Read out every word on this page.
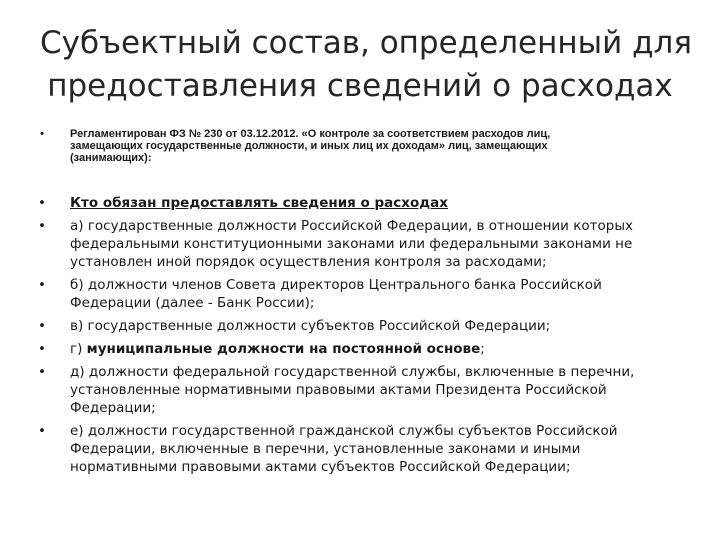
Субъектный состав, определенный для
предоставления сведений о расходах
•	Регламентирован ФЗ № 230 от 03.12.2012. «О контроле за соответствием расходов лиц,
замещающих государственные должности, и иных лиц их доходам» лиц, замещающих
(занимающих):
• Кто обязан предоставлять сведения о расходах
• а) государственные должности Российской Федерации, в отношении которых
федеральными конституционными законами или федеральными законами не
установлен иной порядок осуществления контроля за расходами;
• б) должности членов Совета директоров Центрального банка Российской
Федерации (далее - Банк России);
• в) государственные должности субъектов Российской Федерации;
• г) муниципальные должности на постоянной основе;
• д) должности федеральной государственной службы, включенные в перечни,
установленные нормативными правовыми актами Президента Российской
Федерации;
• е) должности государственной гражданской службы субъектов Российской
Федерации, включенные в перечни, установленные законами и иными
нормативными правовыми актами субъектов Российской Федерации;
